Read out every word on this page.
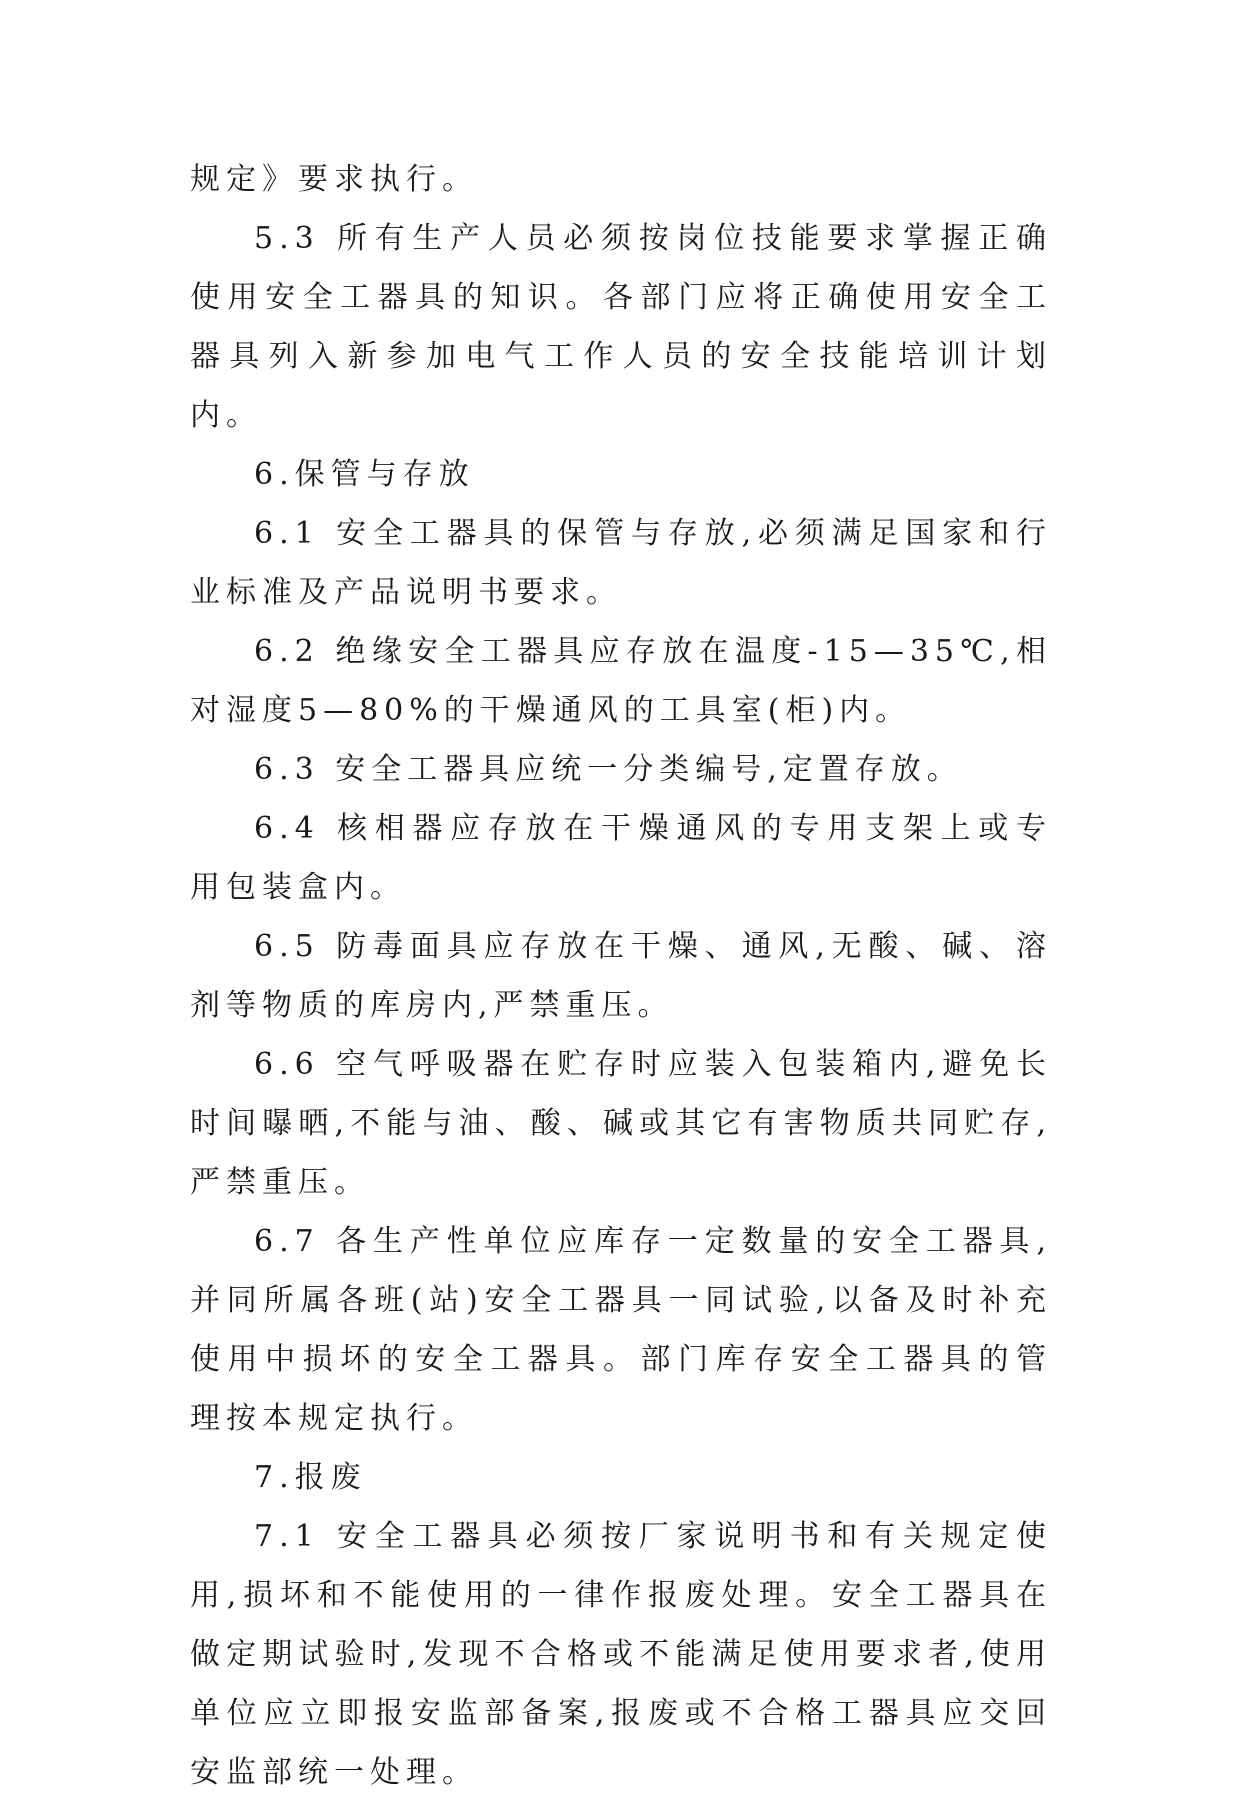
规定》要求执行。

5.3 所有生产人员必须按岗位技能要求掌握正确使用安全工器具的知识。各部门应将正确使用安全工器具列入新参加电气工作人员的安全技能培训计划内。

6.保管与存放

6.1 安全工器具的保管与存放,必须满足国家和行业标准及产品说明书要求。

6.2 绝缘安全工器具应存放在温度-15—35℃,相对湿度5—80%的干燥通风的工具室(柜)内。

6.3 安全工器具应统一分类编号,定置存放。

6.4 核相器应存放在干燥通风的专用支架上或专用包装盒内。

6.5 防毒面具应存放在干燥、通风,无酸、碱、溶剂等物质的库房内,严禁重压。

6.6 空气呼吸器在贮存时应装入包装箱内,避免长时间曝晒,不能与油、酸、碱或其它有害物质共同贮存,严禁重压。

6.7 各生产性单位应库存一定数量的安全工器具,并同所属各班(站)安全工器具一同试验,以备及时补充使用中损坏的安全工器具。部门库存安全工器具的管理按本规定执行。

7.报废

7.1 安全工器具必须按厂家说明书和有关规定使用,损坏和不能使用的一律作报废处理。安全工器具在做定期试验时,发现不合格或不能满足使用要求者,使用单位应立即报安监部备案,报废或不合格工器具应交回安监部统一处理。
